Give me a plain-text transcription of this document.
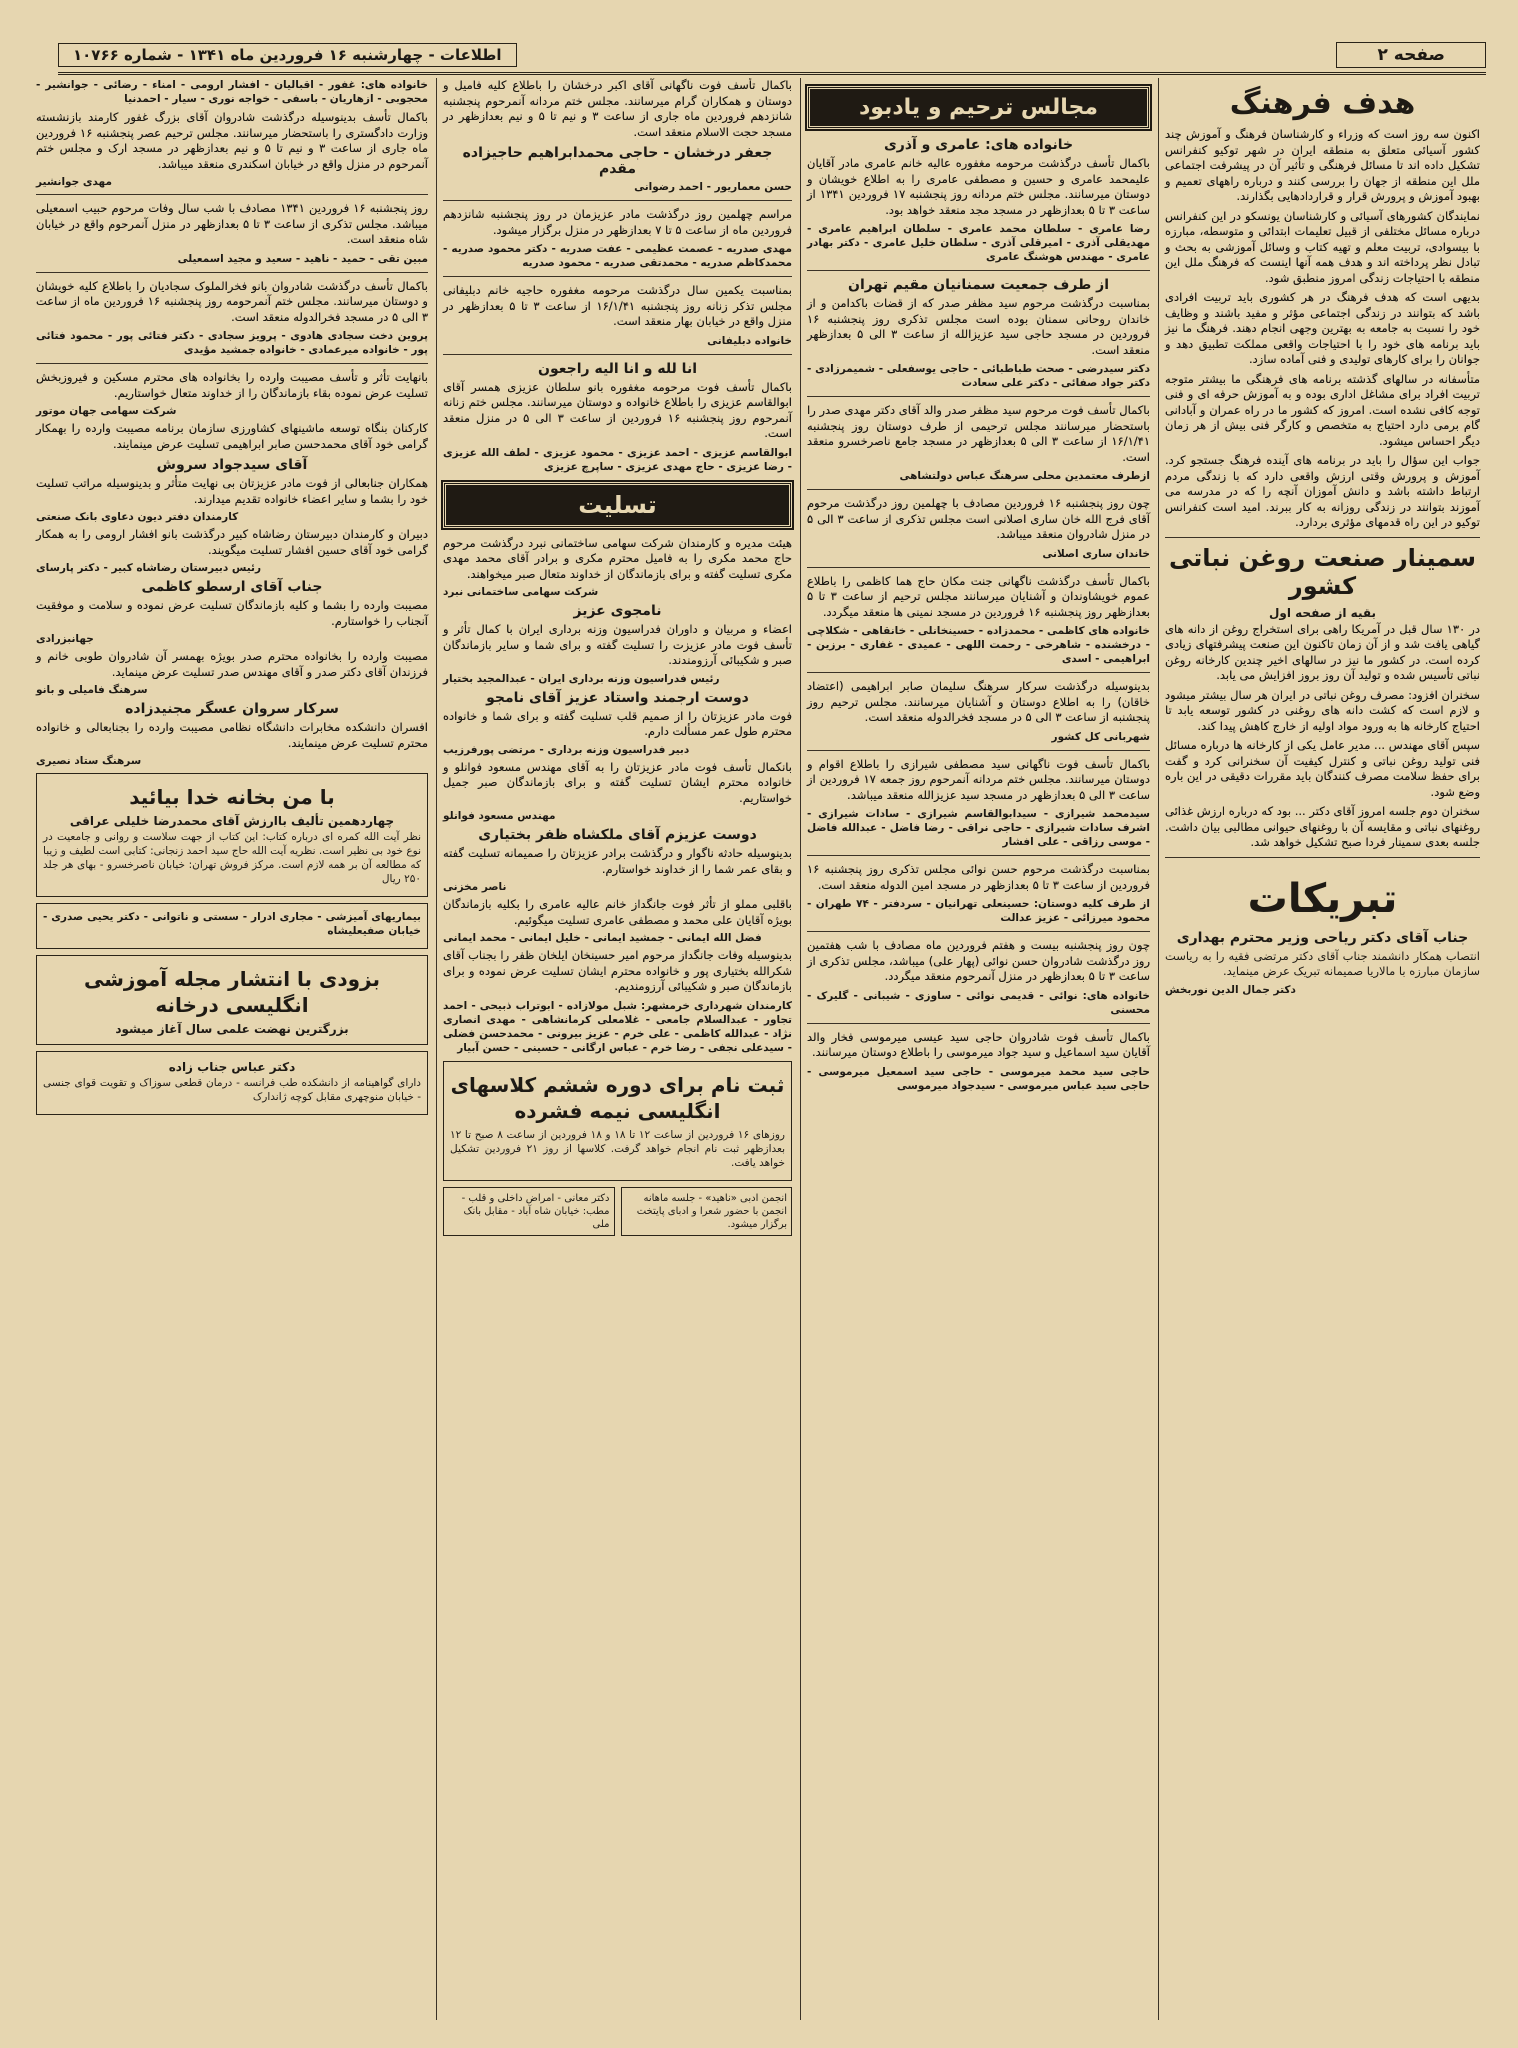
صفحه ۲
اطلاعات - چهارشنبه ۱۶ فروردین ماه ۱۳۴۱ - شماره ۱۰۷۶۶
هدف فرهنگ

اکنون سه روز است که وزراء و کارشناسان فرهنگ و آموزش چند کشور آسیائی متعلق به منطقه ایران در شهر توکیو کنفرانس تشکیل داده اند تا مسائل فرهنگی و تأثیر آن در پیشرفت اجتماعی ملل این منطقه از جهان را بررسی کنند و درباره راههای تعمیم و بهبود آموزش و پرورش قرار و قراردادهایی بگذارند.

نمایندگان کشورهای آسیائی و کارشناسان یونسکو در این کنفرانس درباره مسائل مختلفی از قبیل تعلیمات ابتدائی و متوسطه، مبارزه با بیسوادی، تربیت معلم و تهیه کتاب و وسائل آموزشی به بحث و تبادل نظر پرداخته اند و هدف همه آنها اینست که فرهنگ ملل این منطقه با احتیاجات زندگی امروز منطبق شود.

بدیهی است که هدف فرهنگ در هر کشوری باید تربیت افرادی باشد که بتوانند در زندگی اجتماعی مؤثر و مفید باشند و وظایف خود را نسبت به جامعه به بهترین وجهی انجام دهند. فرهنگ ما نیز باید برنامه های خود را با احتیاجات واقعی مملکت تطبیق دهد و جوانان را برای کارهای تولیدی و فنی آماده سازد.

متأسفانه در سالهای گذشته برنامه های فرهنگی ما بیشتر متوجه تربیت افراد برای مشاغل اداری بوده و به آموزش حرفه ای و فنی توجه کافی نشده است. امروز که کشور ما در راه عمران و آبادانی گام برمی دارد احتیاج به متخصص و کارگر فنی بیش از هر زمان دیگر احساس میشود.

جواب این سؤال را باید در برنامه های آینده فرهنگ جستجو کرد. آموزش و پرورش وقتی ارزش واقعی دارد که با زندگی مردم ارتباط داشته باشد و دانش آموزان آنچه را که در مدرسه می آموزند بتوانند در زندگی روزانه به کار ببرند. امید است کنفرانس توکیو در این راه قدمهای مؤثری بردارد.

سمینار صنعت روغن نباتی کشور
بقیه از صفحه اول

در ۱۳۰ سال قبل در آمریکا راهی برای استخراج روغن از دانه های گیاهی یافت شد و از آن زمان تاکنون این صنعت پیشرفتهای زیادی کرده است. در کشور ما نیز در سالهای اخیر چندین کارخانه روغن نباتی تأسیس شده و تولید آن روز بروز افزایش می یابد.

سخنران افزود: مصرف روغن نباتی در ایران هر سال بیشتر میشود و لازم است که کشت دانه های روغنی در کشور توسعه یابد تا احتیاج کارخانه ها به ورود مواد اولیه از خارج کاهش پیدا کند.

سپس آقای مهندس ... مدیر عامل یکی از کارخانه ها درباره مسائل فنی تولید روغن نباتی و کنترل کیفیت آن سخنرانی کرد و گفت برای حفظ سلامت مصرف کنندگان باید مقررات دقیقی در این باره وضع شود.

سخنران دوم جلسه امروز آقای دکتر ... بود که درباره ارزش غذائی روغنهای نباتی و مقایسه آن با روغنهای حیوانی مطالبی بیان داشت. جلسه بعدی سمینار فردا صبح تشکیل خواهد شد.

تبریکات
جناب آقای دکتر ریاحی وزیر محترم بهداری

انتصاب همکار دانشمند جناب آقای دکتر مرتضی فقیه را به ریاست سازمان مبارزه با مالاریا صمیمانه تبریک عرض مینماید.

دکتر جمال الدین نوربخش
مجالس ترحیم و یادبود
خانواده های: عامری و آذری

باکمال تأسف درگذشت مرحومه مغفوره عالیه خانم عامری مادر آقایان علیمحمد عامری و حسین و مصطفی عامری را به اطلاع خویشان و دوستان میرسانند. مجلس ختم مردانه روز پنجشنبه ۱۷ فروردین ۱۳۴۱ از ساعت ۳ تا ۵ بعدازظهر در مسجد مجد منعقد خواهد بود.

رضا عامری - سلطان محمد عامری - سلطان ابراهیم عامری - مهدیقلی آذری - امیرقلی آذری - سلطان خلیل عامری - دکتر بهادر عامری - مهندس هوشنگ عامری

از طرف جمعیت سمنانیان مقیم تهران

بمناسبت درگذشت مرحوم سید مظفر صدر که از قضات باکدامن و از خاندان روحانی سمنان بوده است مجلس تذکری روز پنجشنبه ۱۶ فروردین در مسجد حاجی سید عزیزالله از ساعت ۳ الی ۵ بعدازظهر منعقد است.

دکتر سیدرضی - صحت طباطبائی - حاجی یوسفعلی - شمیمرزادی - دکتر جواد صفائی - دکتر علی سعادت

باکمال تأسف فوت مرحوم سید مظفر صدر والد آقای دکتر مهدی صدر را باستحضار میرسانند مجلس ترحیمی از طرف دوستان روز پنجشنبه ۱۶/۱/۴۱ از ساعت ۳ الی ۵ بعدازظهر در مسجد جامع ناصرخسرو منعقد است.

ازطرف معتمدین محلی سرهنگ عباس دولتشاهی

چون روز پنجشنبه ۱۶ فروردین مصادف با چهلمین روز درگذشت مرحوم آقای فرج الله خان ساری اصلانی است مجلس تذکری از ساعت ۳ الی ۵ در منزل شادروان منعقد میباشد.

خاندان ساری اصلانی

باکمال تأسف درگذشت ناگهانی جنت مکان حاج هما کاظمی را باطلاع عموم خویشاوندان و آشنایان میرسانند مجلس ترحیم از ساعت ۳ تا ۵ بعدازظهر روز پنجشنبه ۱۶ فروردین در مسجد نمینی ها منعقد میگردد.

خانواده های کاظمی - محمدزاده - حسینخانلی - خانقاهی - شکلاچی - درخشنده - شاهرخی - رحمت اللهی - عمیدی - غفاری - برزین - ابراهیمی - اسدی

بدینوسیله درگذشت سرکار سرهنگ سلیمان صابر ابراهیمی (اعتضاد خاقان) را به اطلاع دوستان و آشنایان میرسانند. مجلس ترحیم روز پنجشنبه از ساعت ۳ الی ۵ در مسجد فخرالدوله منعقد است.

شهربانی کل کشور

باکمال تأسف فوت ناگهانی سید مصطفی شیرازی را باطلاع اقوام و دوستان میرسانند. مجلس ختم مردانه آنمرحوم روز جمعه ۱۷ فروردین از ساعت ۳ الی ۵ بعدازظهر در مسجد سید عزیزالله منعقد میباشد.

سیدمحمد شیرازی - سیدابوالقاسم شیرازی - سادات شیرازی - اشرف سادات شیرازی - حاجی نراقی - رضا فاضل - عبدالله فاضل - موسی رزاقی - علی افشار

بمناسبت درگذشت مرحوم حسن نوائی مجلس تذکری روز پنجشنبه ۱۶ فروردین از ساعت ۳ تا ۵ بعدازظهر در مسجد امین الدوله منعقد است.

از طرف کلیه دوستان: حسینعلی تهرانیان - سردفتر - ۷۴ طهران - محمود میرزائی - عزیز عدالت

چون روز پنجشنبه بیست و هفتم فروردین ماه مصادف با شب هفتمین روز درگذشت شادروان حسن نوائی (پهار علی) میباشد، مجلس تذکری از ساعت ۳ تا ۵ بعدازظهر در منزل آنمرحوم منعقد میگردد.

خانواده های: نوائی - قدیمی نوائی - ساوزی - شیبانی - گلیرک - محسنی

باکمال تأسف فوت شادروان حاجی سید عیسی میرموسی فخار والد آقایان سید اسماعیل و سید جواد میرموسی را باطلاع دوستان میرسانند.

حاجی سید محمد میرموسی - حاجی سید اسمعیل میرموسی - حاجی سید عباس میرموسی - سیدجواد میرموسی

باکمال تأسف فوت ناگهانی آقای اکبر درخشان را باطلاع کلیه فامیل و دوستان و همکاران گرام میرسانند. مجلس ختم مردانه آنمرحوم پنجشنبه شانزدهم فروردین ماه جاری از ساعت ۳ و نیم تا ۵ و نیم بعدازظهر در مسجد حجت الاسلام منعقد است.

جعفر درخشان - حاجی محمدابراهیم حاجیزاده مقدم

حسن معماریور - احمد رضوانی

مراسم چهلمین روز درگذشت مادر عزیزمان در روز پنجشنبه شانزدهم فروردین ماه از ساعت ۵ تا ۷ بعدازظهر در منزل برگزار میشود.

مهدی صدریه - عصمت عظیمی - عفت صدریه - دکتر محمود صدریه - محمدکاظم صدریه - محمدتقی صدریه - محمود صدریه

بمناسبت یکمین سال درگذشت مرحومه مغفوره حاجیه خانم دبلیفانی مجلس تذکر زنانه روز پنجشنبه ۱۶/۱/۴۱ از ساعت ۳ تا ۵ بعدازظهر در منزل واقع در خیابان بهار منعقد است.

خانواده دبلیفانی

انا لله و انا الیه راجعون

باکمال تأسف فوت مرحومه مغفوره بانو سلطان عزیزی همسر آقای ابوالقاسم عزیزی را باطلاع خانواده و دوستان میرسانند. مجلس ختم زنانه آنمرحوم روز پنجشنبه ۱۶ فروردین از ساعت ۳ الی ۵ در منزل منعقد است.

ابوالقاسم عزیزی - احمد عزیزی - محمود عزیزی - لطف الله عزیزی - رضا عزیزی - حاج مهدی عزیزی - ساپرچ عزیزی

تسلیت

هیئت مدیره و کارمندان شرکت سهامی ساختمانی نبرد درگذشت مرحوم حاج محمد مکری را به فامیل محترم مکری و برادر آقای محمد مهدی مکری تسلیت گفته و برای بازماندگان از خداوند متعال صبر میخواهند.

شرکت سهامی ساختمانی نبرد
نامجوی عزیز

اعضاء و مربیان و داوران فدراسیون وزنه برداری ایران با کمال تأثر و تأسف فوت مادر عزیزت را تسلیت گفته و برای شما و سایر بازماندگان صبر و شکیبائی آرزومندند.

رئیس فدراسیون وزنه برداری ایران - عبدالمجید بختیار
دوست ارجمند واستاد عزیز آقای نامجو

فوت مادر عزیزتان را از صمیم قلب تسلیت گفته و برای شما و خانواده محترم طول عمر مسألت دارم.

دبیر فدراسیون وزنه برداری - مرتضی پورفرزیب

بانکمال تأسف فوت مادر عزیزتان را به آقای مهندس مسعود فوانلو و خانواده محترم ایشان تسلیت گفته و برای بازماندگان صبر جمیل خواستاریم.

مهندس مسعود فوانلو
دوست عزیزم آقای ملکشاه ظفر بختیاری

بدینوسیله حادثه ناگوار و درگذشت برادر عزیزتان را صمیمانه تسلیت گفته و بقای عمر شما را از خداوند خواستارم.

ناصر مخزنی

باقلبی مملو از تأثر فوت جانگداز خانم عالیه عامری را بکلیه بازماندگان بویژه آقایان علی محمد و مصطفی عامری تسلیت میگوئیم.

فضل الله ایمانی - جمشید ایمانی - خلیل ایمانی - محمد ایمانی

بدینوسیله وفات جانگداز مرحوم امیر حسینخان ایلخان ظفر را بجناب آقای شکرالله بختیاری پور و خانواده محترم ایشان تسلیت عرض نموده و برای بازماندگان صبر و شکیبائی آرزومندیم.

کارمندان شهرداری خرمشهر: شبل مولازاده - ابوتراب ذبیحی - احمد تجاور - عبدالسلام جامعی - غلامعلی کرمانشاهی - مهدی انصاری نژاد - عبدالله کاظمی - علی خرم - عزیز بیرونی - محمدحسن فضلی - سیدعلی نجفی - رضا خرم - عباس ارگانی - حسینی - حسن آبیار

ثبت نام برای دوره ششم کلاسهای انگلیسی نیمه فشرده

روزهای ۱۶ فروردین از ساعت ۱۲ تا ۱۸ و ۱۸ فروردین از ساعت ۸ صبح تا ۱۲ بعدازظهر ثبت نام انجام خواهد گرفت. کلاسها از روز ۲۱ فروردین تشکیل خواهد یافت.

انجمن ادبی «ناهید» - جلسه ماهانه انجمن با حضور شعرا و ادبای پایتخت برگزار میشود.
دکتر معانی - امراض داخلی و قلب - مطب: خیابان شاه آباد - مقابل بانک ملی

خانواده های: غفور - اقبالیان - افشار ارومی - امناء - رضائی - جوانشیر - محجوبی - ازهاریان - باسفی - خواجه نوری - سیار - احمدنیا

باکمال تأسف بدینوسیله درگذشت شادروان آقای بزرگ غفور کارمند بازنشسته وزارت دادگستری را باستحضار میرسانند. مجلس ترحیم عصر پنجشنبه ۱۶ فروردین ماه جاری از ساعت ۳ و نیم تا ۵ و نیم بعدازظهر در مسجد ارک و مجلس ختم آنمرحوم در منزل واقع در خیابان اسکندری منعقد میباشد.

مهدی جوانشیر

روز پنجشنبه ۱۶ فروردین ۱۳۴۱ مصادف با شب سال وفات مرحوم حبیب اسمعیلی میباشد. مجلس تذکری از ساعت ۳ تا ۵ بعدازظهر در منزل آنمرحوم واقع در خیابان شاه منعقد است.

مبین تقی - حمید - ناهید - سعید و مجید اسمعیلی

باکمال تأسف درگذشت شادروان بانو فخرالملوک سجادیان را باطلاع کلیه خویشان و دوستان میرسانند. مجلس ختم آنمرحومه روز پنجشنبه ۱۶ فروردین ماه از ساعت ۳ الی ۵ در مسجد فخرالدوله منعقد است.

پروین دخت سجادی هادوی - پرویز سجادی - دکتر فتائی پور - محمود فتائی پور - خانواده میرعمادی - خانواده جمشید مؤیدی

بانهایت تأثر و تأسف مصیبت وارده را بخانواده های محترم مسکین و فیروزبخش تسلیت عرض نموده بقاء بازماندگان را از خداوند متعال خواستاریم.

شرکت سهامی جهان موتور

کارکنان بنگاه توسعه ماشینهای کشاورزی سازمان برنامه مصیبت وارده را بهمکار گرامی خود آقای محمدحسن صابر ابراهیمی تسلیت عرض مینمایند.

آقای سیدجواد سروش

همکاران جنابعالی از فوت مادر عزیزتان بی نهایت متأثر و بدینوسیله مراتب تسلیت خود را بشما و سایر اعضاء خانواده تقدیم میدارند.

کارمندان دفتر دیون دعاوی بانک صنعتی

دبیران و کارمندان دبیرستان رضاشاه کبیر درگذشت بانو افشار ارومی را به همکار گرامی خود آقای حسین افشار تسلیت میگویند.

رئیس دبیرستان رضاشاه کبیر - دکتر پارسای
جناب آقای ارسطو کاظمی

مصیبت وارده را بشما و کلیه بازماندگان تسلیت عرض نموده و سلامت و موفقیت آنجناب را خواستارم.

جهانبزرادی

مصیبت وارده را بخانواده محترم صدر بویژه بهمسر آن شادروان طوبی خانم و فرزندان آقای دکتر صدر و آقای مهندس صدر تسلیت عرض مینماید.

سرهنگ فامیلی و بانو
سرکار سروان عسگر مجنیدزاده

افسران دانشکده مخابرات دانشگاه نظامی مصیبت وارده را بجنابعالی و خانواده محترم تسلیت عرض مینمایند.

سرهنگ ستاد نصیری
با من بخانه خدا بیائید
چهاردهمین تألیف باارزش آقای محمدرضا خلیلی عراقی

نظر آیت الله کمره ای درباره کتاب: این کتاب از جهت سلاست و روانی و جامعیت در نوع خود بی نظیر است. نظریه آیت الله حاج سید احمد زنجانی: کتابی است لطیف و زیبا که مطالعه آن بر همه لازم است. مرکز فروش تهران: خیابان ناصرخسرو - بهای هر جلد ۲۵۰ ریال

بیماریهای آمیزشی - مجاری ادرار - سستی و ناتوانی - دکتر یحیی صدری - خیابان صفیعلیشاه

بزودی با انتشار مجله آموزشی انگلیسی درخانه
بزرگترین نهضت علمی سال آغاز میشود
دکتر عباس جناب زاده

دارای گواهینامه از دانشکده طب فرانسه - درمان قطعی سوزاک و تقویت قوای جنسی - خیابان منوچهری مقابل کوچه ژاندارک
